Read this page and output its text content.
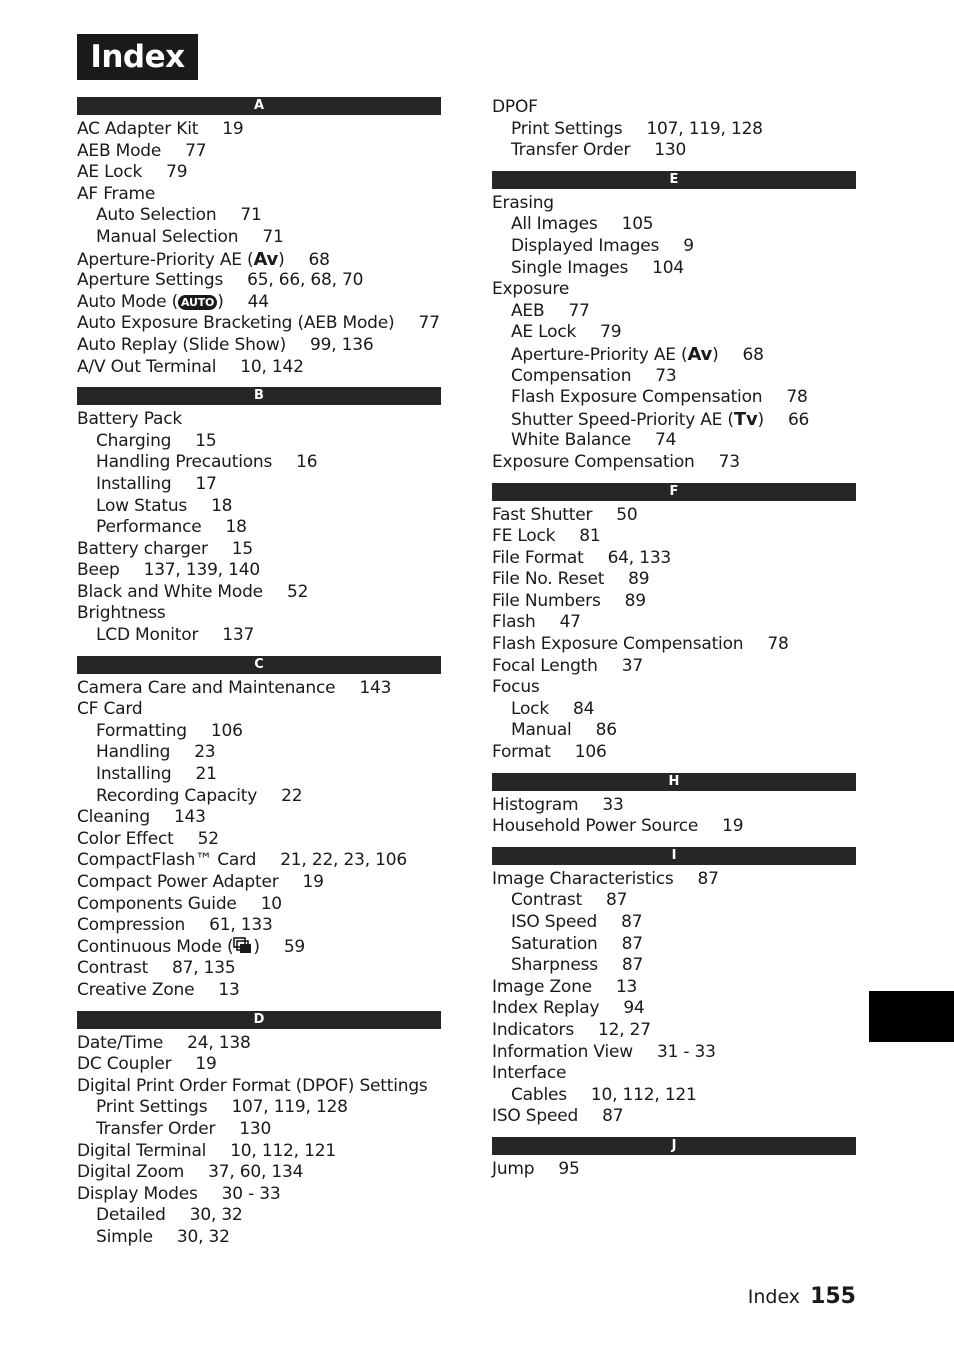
Index
A
AC Adapter Kit 19
AEB Mode 77
AE Lock 79
AF Frame
Auto Selection 71
Manual Selection 71
Aperture-Priority AE (Av) 68
Aperture Settings 65, 66, 68, 70
Auto Mode ( AUTO ) 44
Auto Exposure Bracketing (AEB Mode) 77
Auto Replay (Slide Show) 99, 136
A/V Out Terminal 10, 142
B
Battery Pack
Charging 15
Handling Precautions 16
Installing 17
Low Status 18
Performance 18
Battery charger 15
Beep 137, 139, 140
Black and White Mode 52
Brightness
LCD Monitor 137
C
Camera Care and Maintenance 143
CF Card
Formatting 106
Handling 23
Installing 21
Recording Capacity 22
Cleaning 143
Color Effect 52
CompactFlash™ Card 21, 22, 23, 106
Compact Power Adapter 19
Components Guide 10
Compression 61, 133
Continuous Mode ( ) 59
Contrast 87, 135
Creative Zone 13
D
Date/Time 24, 138
DC Coupler 19
Digital Print Order Format (DPOF) Settings
Print Settings 107, 119, 128
Transfer Order 130
Digital Terminal 10, 112, 121
Digital Zoom 37, 60, 134
Display Modes 30 - 33
Detailed 30, 32
Simple 30, 32
DPOF
Print Settings 107, 119, 128
Transfer Order 130
E
Erasing
All Images 105
Displayed Images 9
Single Images 104
Exposure
AEB 77
AE Lock 79
Aperture-Priority AE (Av) 68
Compensation 73
Flash Exposure Compensation 78
Shutter Speed-Priority AE (Tv) 66
White Balance 74
Exposure Compensation 73
F
Fast Shutter 50
FE Lock 81
File Format 64, 133
File No. Reset 89
File Numbers 89
Flash 47
Flash Exposure Compensation 78
Focal Length 37
Focus
Lock 84
Manual 86
Format 106
H
Histogram 33
Household Power Source 19
I
Image Characteristics 87
Contrast 87
ISO Speed 87
Saturation 87
Sharpness 87
Image Zone 13
Index Replay 94
Indicators 12, 27
Information View 31 - 33
Interface
Cables 10, 112, 121
ISO Speed 87
J
Jump 95
Index 155
